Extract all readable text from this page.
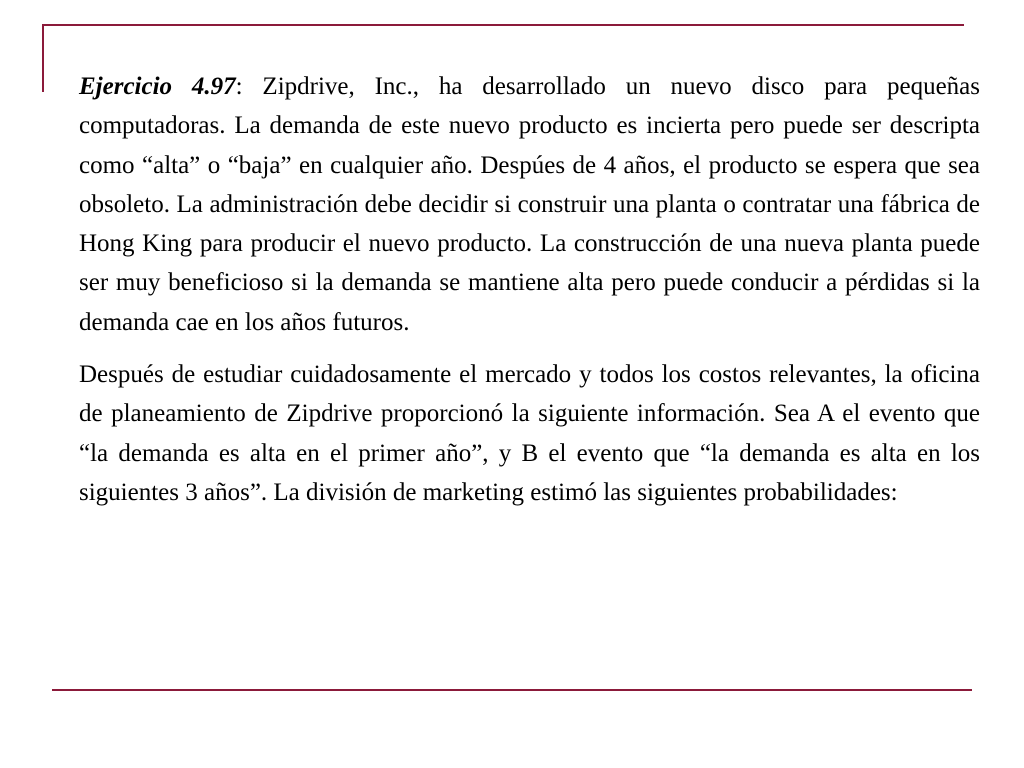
Ejercicio 4.97: Zipdrive, Inc., ha desarrollado un nuevo disco para pequeñas computadoras. La demanda de este nuevo producto es incierta pero puede ser descripta como “alta” o “baja” en cualquier año. Despúes de 4 años, el producto se espera que sea obsoleto. La administración debe decidir si construir una planta o contratar una fábrica de Hong King para producir el nuevo producto. La construcción de una nueva planta puede ser muy beneficioso si la demanda se mantiene alta pero puede conducir a pérdidas si la demanda cae en los años futuros.

Después de estudiar cuidadosamente el mercado y todos los costos relevantes, la oficina de planeamiento de Zipdrive proporcionó la siguiente información. Sea A el evento que “la demanda es alta en el primer año”, y B el evento que “la demanda es alta en los siguientes 3 años”. La división de marketing estimó las siguientes probabilidades:
